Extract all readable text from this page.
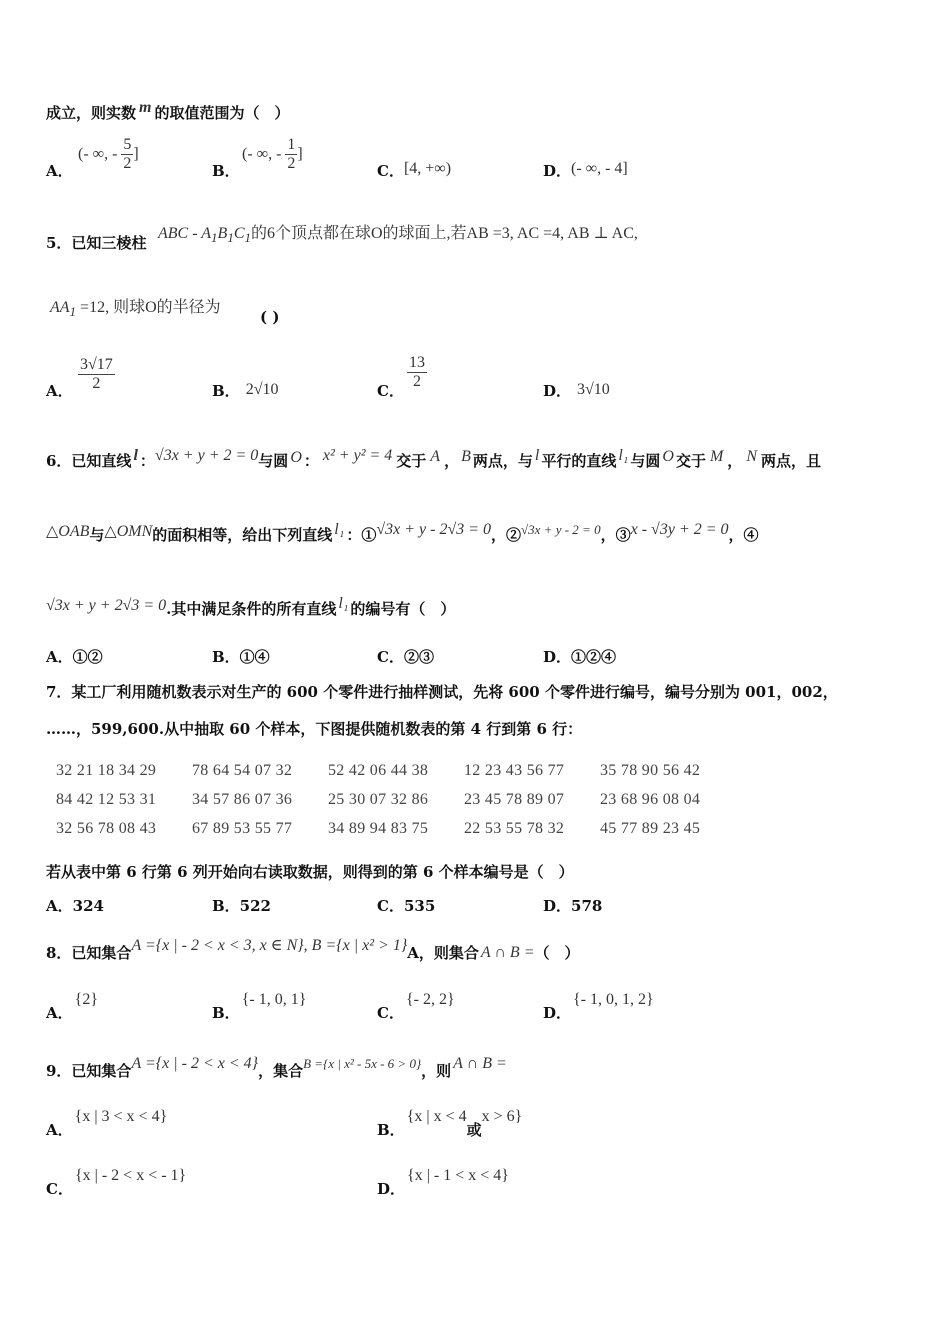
成立，则实数 m 的取值范围为（　）
A．
(- ∞, - $\frac{5}{2}$ ]
B．
(- ∞, - $\frac{1}{2}$ ]
C．[4, +∞)	D．(- ∞, - 4]
5．已知三棱柱
ABC - $A_1B_1C_1$的6个顶点都在球O的球面上,若AB =3, AC =4, AB ⊥ AC,
$AA_1 =12$, 则球O的半径为
( )
A． $\frac{3√17}{2}$	B． 2√10	C． $\frac{13}{2}$	D． 3√10
6．已知直线 l ：√3x + y + 2 = 0与圆 O ： x² + y² = 4 交于 A ， B 两点，与 l 平行的直线 l₁ 与圆 O 交于 M ， N 两点，且
△OAB与△OMN的面积相等，给出下列直线 l₁ ：①√3x + y - 2√3 = 0，②√3x + y - 2 = 0，③x - √3y + 2 = 0，④
√3x + y + 2√3 = 0.其中满足条件的所有直线 l₁ 的编号有（　）
A．①②	B．①④	C．②③	D．①②④
7．某工厂利用随机数表示对生产的 600 个零件进行抽样测试，先将 600 个零件进行编号，编号分别为 001，002，
……，599,600.从中抽取 60 个样本，下图提供随机数表的第 4 行到第 6 行：
32 21 18 34 29	78 64 54 07 32	52 42 06 44 38	12 23 43 56 77	35 78 90 56 42
84 42 12 53 31	34 57 86 07 36	25 30 07 32 86	23 45 78 89 07	23 68 96 08 04
32 56 78 08 43	67 89 53 55 77	34 89 94 83 75	22 53 55 78 32	45 77 89 23 45
若从表中第 6 行第 6 列开始向右读取数据，则得到的第 6 个样本编号是（　）
A．324	B．522	C．535	D．578
8．已知集合A ={x | - 2 < x < 3, x ∈ N}, B ={x | x² > 1}A，则集合 A ∩ B =（　）
A．{2}
B．{- 1, 0, 1}
C．{- 2, 2}
D．{- 1, 0, 1, 2}
9．已知集合A ={x | - 2 < x < 4}，集合B ={x | x² - 5x - 6 > 0}，则 A ∩ B =
A．{x | 3 < x < 4}
B．{x | x < 4或x > 6}
C．{x | - 2 < x < - 1}
D．{x | - 1 < x < 4}
